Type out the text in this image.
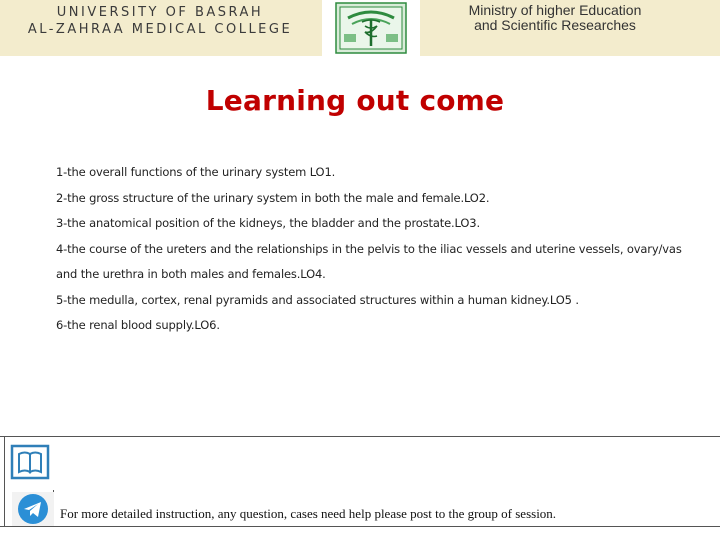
UNIVERSITY OF BASRAH
AL-ZAHRAA MEDICAL COLLEGE
Ministry of higher Education
and Scientific Researches
Learning out come
1-the overall functions of the urinary system LO1.
2-the gross structure of the urinary system in both the male and female.LO2.
3-the anatomical position of the kidneys, the bladder and the prostate.LO3.
4-the course of the ureters and the relationships in the pelvis to the iliac vessels and uterine vessels, ovary/vas
and the urethra in both males and females.LO4.
5-the medulla, cortex, renal pyramids and associated structures within a human kidney.LO5 .
6-the renal blood supply.LO6.
For more detailed instruction, any question, cases need help please post to the group of session.
